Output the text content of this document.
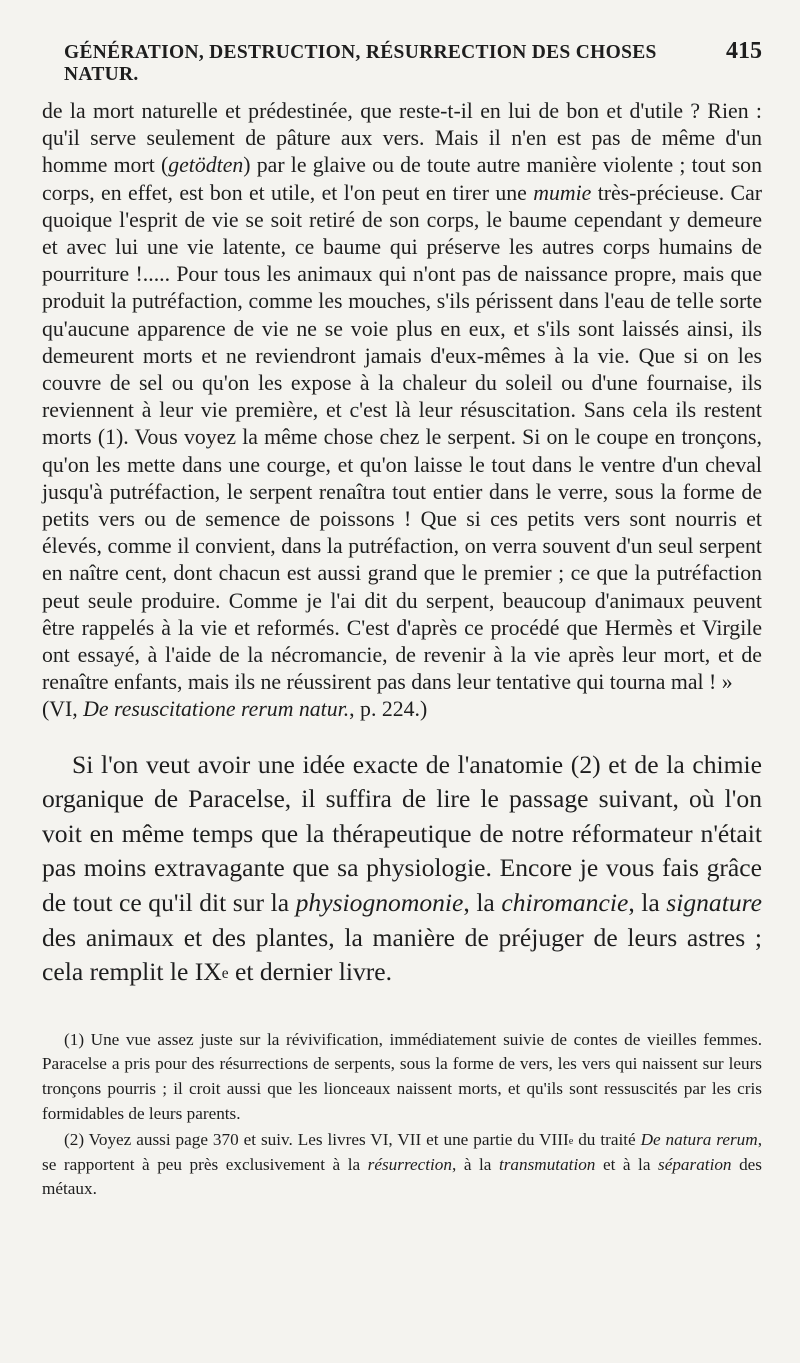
GÉNÉRATION, DESTRUCTION, RÉSURRECTION DES CHOSES NATUR.
415

de la mort naturelle et prédestinée, que reste-t-il en lui de bon et d'utile ? Rien : qu'il serve seulement de pâture aux vers. Mais il n'en est pas de même d'un homme mort (getödten) par le glaive ou de toute autre manière violente ; tout son corps, en effet, est bon et utile, et l'on peut en tirer une mumie très-précieuse. Car quoique l'esprit de vie se soit retiré de son corps, le baume cependant y demeure et avec lui une vie latente, ce baume qui préserve les autres corps humains de pourriture !..... Pour tous les animaux qui n'ont pas de naissance propre, mais que produit la putréfaction, comme les mouches, s'ils périssent dans l'eau de telle sorte qu'aucune apparence de vie ne se voie plus en eux, et s'ils sont laissés ainsi, ils demeurent morts et ne reviendront jamais d'eux-mêmes à la vie. Que si on les couvre de sel ou qu'on les expose à la chaleur du soleil ou d'une fournaise, ils reviennent à leur vie première, et c'est là leur résuscitation. Sans cela ils restent morts (1). Vous voyez la même chose chez le serpent. Si on le coupe en tronçons, qu'on les mette dans une courge, et qu'on laisse le tout dans le ventre d'un cheval jusqu'à putréfaction, le serpent renaîtra tout entier dans le verre, sous la forme de petits vers ou de semence de poissons ! Que si ces petits vers sont nourris et élevés, comme il convient, dans la putréfaction, on verra souvent d'un seul serpent en naître cent, dont chacun est aussi grand que le premier ; ce que la putréfaction peut seule produire. Comme je l'ai dit du serpent, beaucoup d'animaux peuvent être rappelés à la vie et reformés. C'est d'après ce procédé que Hermès et Virgile ont essayé, à l'aide de la nécromancie, de revenir à la vie après leur mort, et de renaître enfants, mais ils ne réussirent pas dans leur tentative qui tourna mal ! »

(VI, De resuscitatione rerum natur., p. 224.)

Si l'on veut avoir une idée exacte de l'anatomie (2) et de la chimie organique de Paracelse, il suffira de lire le passage suivant, où l'on voit en même temps que la thérapeutique de notre réformateur n'était pas moins extravagante que sa physiologie. Encore je vous fais grâce de tout ce qu'il dit sur la physiognomonie, la chiromancie, la signature des animaux et des plantes, la manière de préjuger de leurs astres ; cela remplit le IXe et dernier livre.

(1) Une vue assez juste sur la révivification, immédiatement suivie de contes de vieilles femmes. Paracelse a pris pour des résurrections de serpents, sous la forme de vers, les vers qui naissent sur leurs tronçons pourris ; il croit aussi que les lionceaux naissent morts, et qu'ils sont ressuscités par les cris formidables de leurs parents.

(2) Voyez aussi page 370 et suiv. Les livres VI, VII et une partie du VIIIe du traité De natura rerum, se rapportent à peu près exclusivement à la résurrection, à la transmutation et à la séparation des métaux.
